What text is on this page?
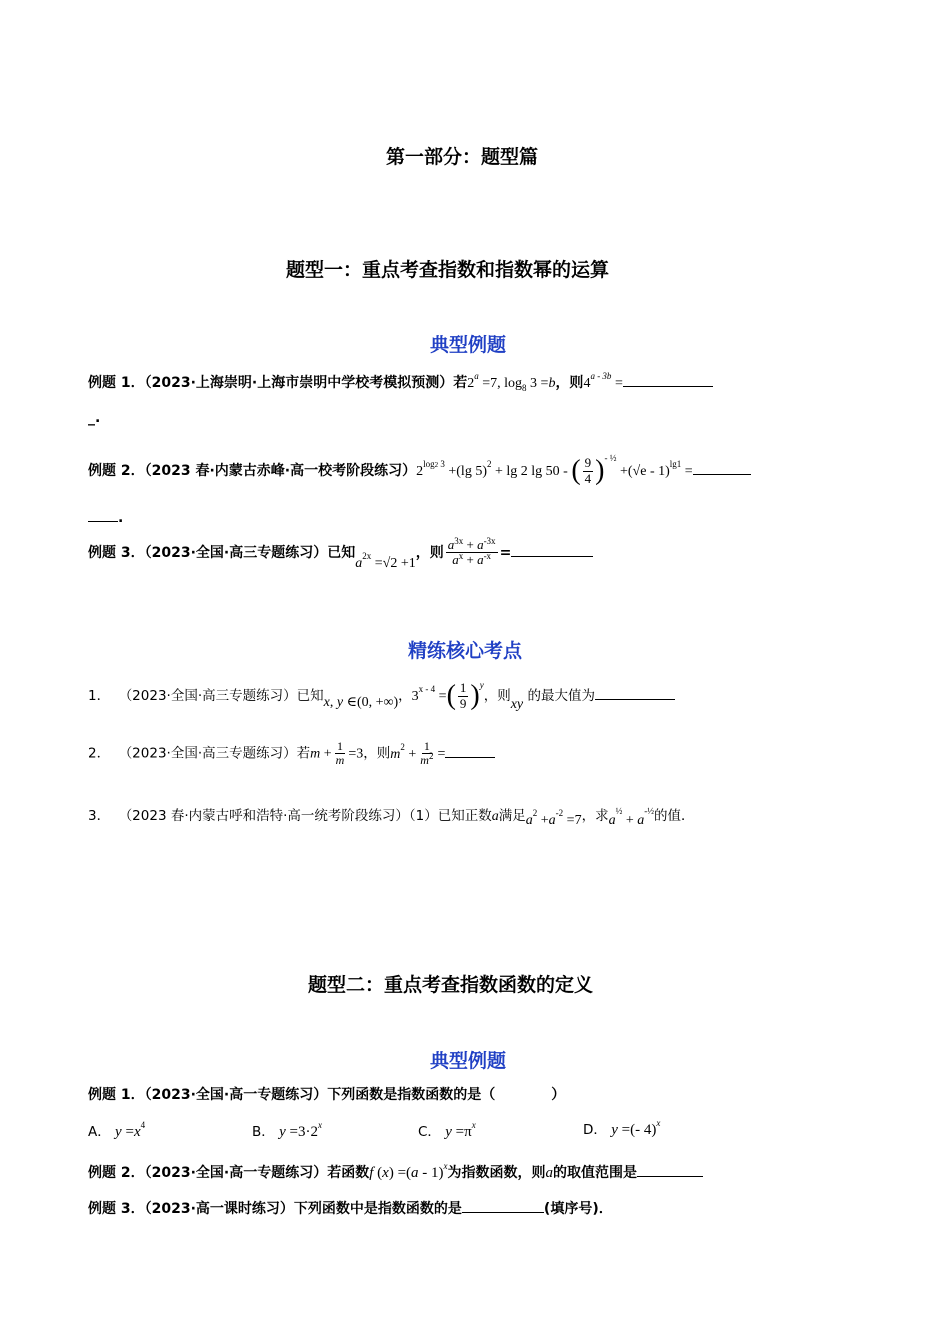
第一部分：题型篇
题型一：重点考查指数和指数幂的运算
典型例题
例题 1．（2023·上海崇明·上海市崇明中学校考模拟预测）若$2^a =7$, $\log_8 3 =b$，则$4^{a - 3b}$ =
_.
例题 2．（2023 春·内蒙古赤峰·高一校考阶段练习）$2^{log2 3} +(\lg$ 5)$^2$ + lg 2 lg 50 - ( $\frac{9}{4} )^{- \frac{1}{2}} +(√e - 1)^{lg1}$ =
.
例题 3．（2023·全国·高三专题练习）已知$a^{2x} =√2 +1$，则 $\frac{a^{3x} + a^{-3x}}{a^x + a^{-x}}$ =
精练核心考点
1． （2023·全国·高三专题练习）已知x, y ∈(0, +∞)，$3^{x - 4}$ =( $\frac{1}{9} )^y$，则xy 的最大值为
2． （2023·全国·高三专题练习）若$m + \frac{1}{m} =3$，则$m^2 + \frac{1}{m^2}$ =
3． （2023 春·内蒙古呼和浩特·高一统考阶段练习）（1）已知正数a满足$a^2 +a^{-2} =7$，求$a^{\frac{1}{2}} + a^{-\frac{1}{2}}$的值．
题型二：重点考查指数函数的定义
典型例题
例题 1．（2023·全国·高一专题练习）下列函数是指数函数的是（　　　　）
A． $y =x^4$	B． $y =3\cdot 2^x$	C． $y =\pi^x$	D． y =(- 4)$^x$
例题 2．（2023·全国·高一专题练习）若函数f (x) =(a - 1)$^x$为指数函数，则a的取值范围是
例题 3．（2023·高一课时练习）下列函数中是指数函数的是	(填序号)．
